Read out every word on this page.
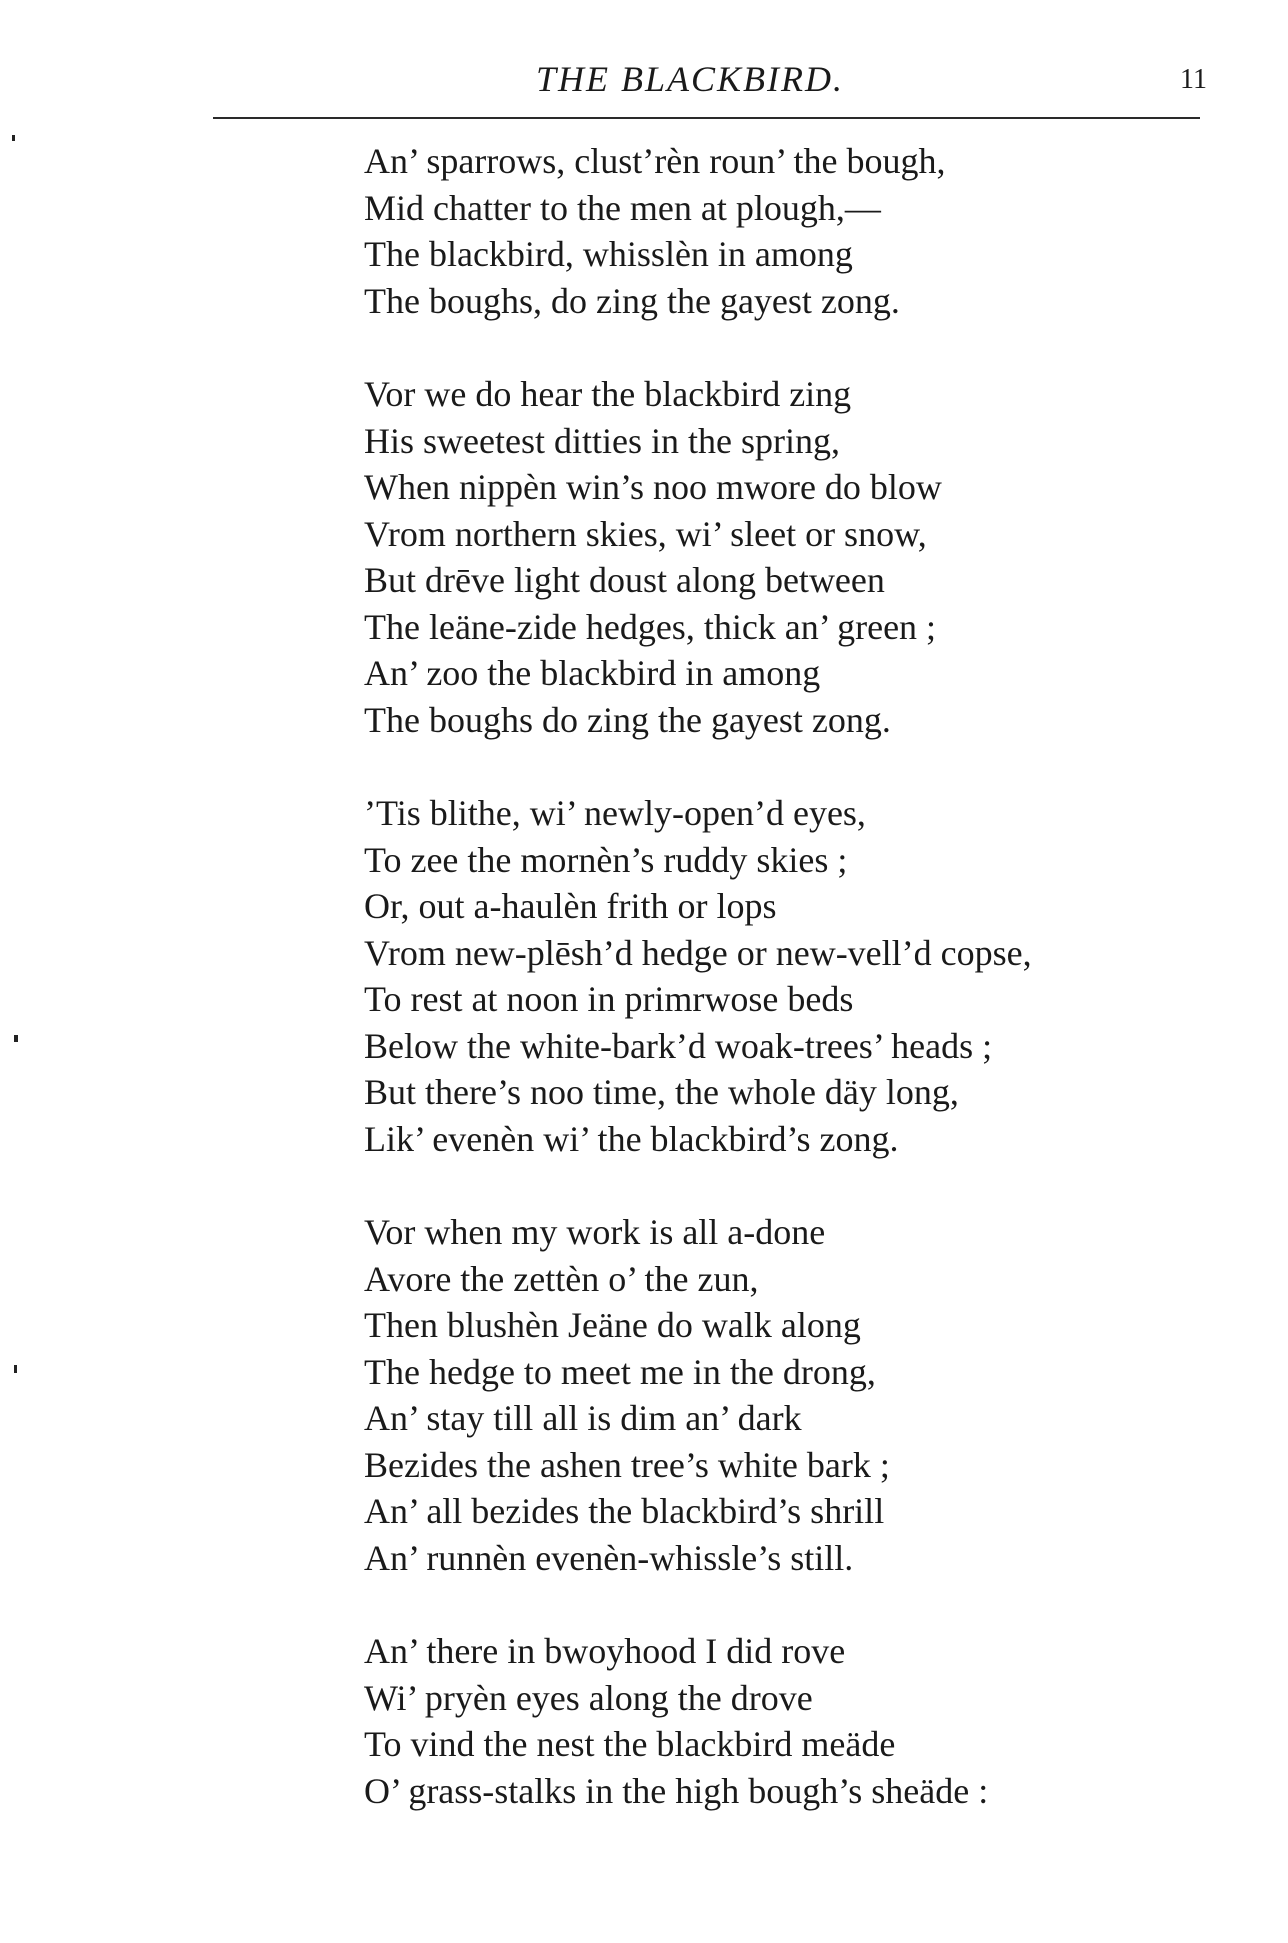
THE BLACKBIRD.	11
An’ sparrows, clust’rèn roun’ the bough,
Mid chatter to the men at plough,—
The blackbird, whisslèn in among
The boughs, do zing the gayest zong.
Vor we do hear the blackbird zing
His sweetest ditties in the spring,
When nippèn win’s noo mwore do blow
Vrom northern skies, wi’ sleet or snow,
But drēve light doust along between
The leäne-zide hedges, thick an’ green ;
An’ zoo the blackbird in among
The boughs do zing the gayest zong.
’Tis blithe, wi’ newly-open’d eyes,
To zee the mornèn’s ruddy skies ;
Or, out a-haulèn frith or lops
Vrom new-plēsh’d hedge or new-vell’d copse,
To rest at noon in primrwose beds
Below the white-bark’d woak-trees’ heads ;
But there’s noo time, the whole däy long,
Lik’ evenèn wi’ the blackbird’s zong.
Vor when my work is all a-done
Avore the zettèn o’ the zun,
Then blushèn Jeäne do walk along
The hedge to meet me in the drong,
An’ stay till all is dim an’ dark
Bezides the ashen tree’s white bark ;
An’ all bezides the blackbird’s shrill
An’ runnèn evenèn-whissle’s still.
An’ there in bwoyhood I did rove
Wi’ pryèn eyes along the drove
To vind the nest the blackbird meäde
O’ grass-stalks in the high bough’s sheäde :
